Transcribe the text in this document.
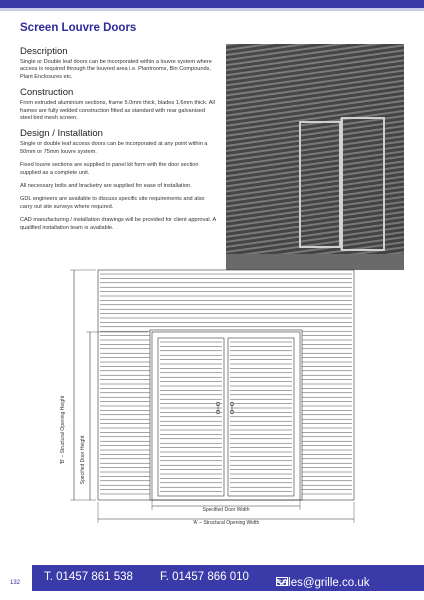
Screen Louvre Doors
Description
Single or Double leaf doors can be incorporated within a louvre system where access is required through the louvred area i.e. Plantrooms, Bin Compounds, Plant Enclosures etc.
Construction
From extruded aluminium sections, frame 5.0mm thick, blades 1.6mm thick. All frames are fully welded construction fitted as standard with rear galvanised steel bird mesh screen.
Design / Installation
Single or double leaf access doors can be incorporated at any point within a 50mm or 75mm louvre system.
Fixed louvre sections are supplied in panel kit form with the door section supplied as a complete unit.
All necessary bolts and bracketry are supplied for ease of installation.
GDL engineers are available to discuss specific site requirements and also carry out site surveys where required.
CAD manufacturing / installation drawings will be provided for client approval. A qualified installation team is available.
'B' – Structural Opening Height	Specified Door Height
Specified Door Width
'A' – Structural Opening Width
132 T. 01457 861 538 F. 01457 866 010 sales@grille.co.uk
